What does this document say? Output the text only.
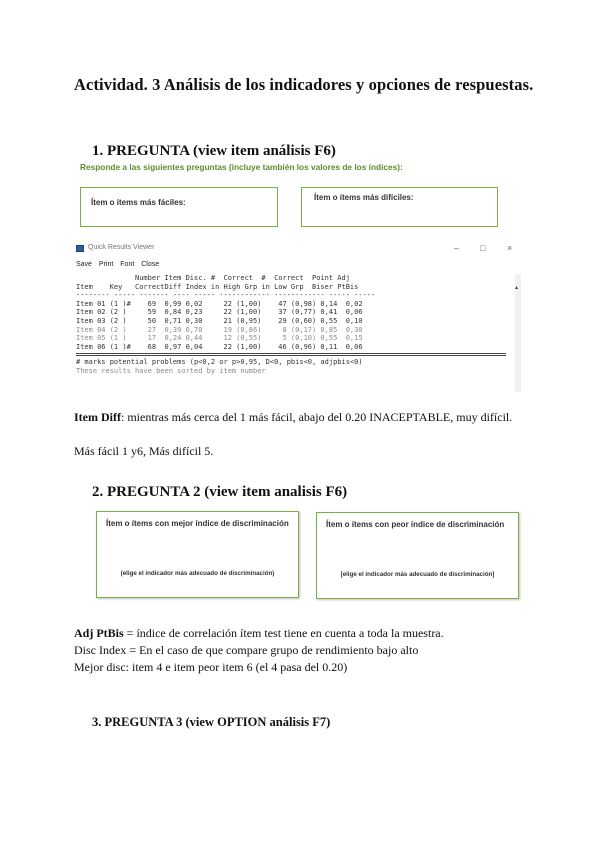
Actividad. 3 Análisis de los indicadores y opciones de respuestas.
1. PREGUNTA (view item análisis F6)
Responde a las siguientes preguntas (incluye también los valores de los índices):
Ítem o ítems más fáciles:
Ítem o ítems más difíciles:
Quick Results Viewer	– □ ×
Save Print Font Close
Number Item Disc. #  Correct  #  Correct  Point Adj
Item    Key   CorrectDiff Index in High Grp in Low Grp  Biser PtBis
-------- ----- ------- ---- ----- ------------ ------------ ----- -----
Item 01 (1 )#    69  0,99 0,02     22 (1,00)    47 (0,98) 0,14  0,02
Item 02 (2 )     59  0,84 0,23     22 (1,00)    37 (0,77) 0,41  0,06
Item 03 (2 )     50  0,71 0,30     21 (0,95)    29 (0,60) 0,55  0,10
Item 04 (2 )     27  0,39 0,70     19 (0,86)     8 (0,17) 0,85  0,30
Item 05 (1 )     17  0,24 0,44     12 (0,55)     5 (0,10) 0,55  0,15
Item 06 (1 )#    68  0,97 0,04     22 (1,00)    46 (0,96) 0,11  0,06
# marks potential problems (p<0,2 or p>0,95, D<0, pbis<0, adjpbis<0)
These results have been sorted by item number
▴
Item Diff: mientras más cerca del 1 más fácil, abajo del 0.20 INACEPTABLE, muy difícil.
Más fácil 1 y6, Más difícil 5.
2. PREGUNTA 2 (view item analisis F6)
Ítem o ítems con mejor índice de discriminación
(elige el indicador más adecuado de discriminación)
Ítem o ítems con peor índice de discriminación
[elige el indicador más adecuado de discriminación]
Adj PtBis = índice de correlación ítem test tiene en cuenta a toda la muestra.
Disc Index = En el caso de que compare grupo de rendimiento bajo alto
Mejor disc: item 4 e item peor item 6 (el 4 pasa del 0.20)
3. PREGUNTA 3 (view OPTION análisis F7)
